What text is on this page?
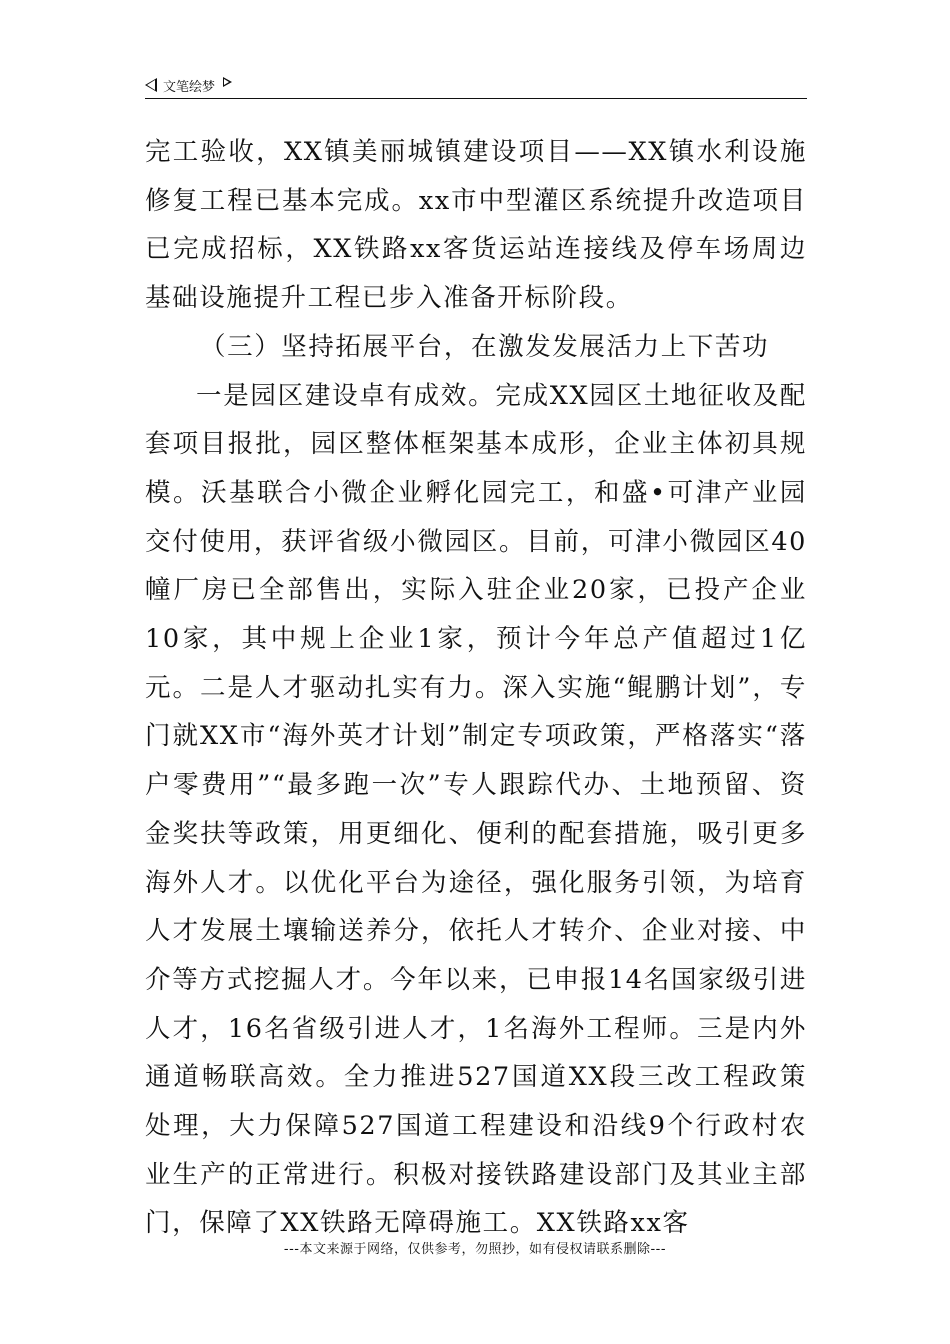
文笔绘梦

完工验收，XX镇美丽城镇建设项目——XX镇水利设施修复工程已基本完成。xx市中型灌区系统提升改造项目已完成招标，XX铁路xx客货运站连接线及停车场周边基础设施提升工程已步入准备开标阶段。

（三）坚持拓展平台，在激发发展活力上下苦功

一是园区建设卓有成效。完成XX园区土地征收及配套项目报批，园区整体框架基本成形，企业主体初具规模。沃基联合小微企业孵化园完工，和盛•可津产业园交付使用，获评省级小微园区。目前，可津小微园区40幢厂房已全部售出，实际入驻企业20家，已投产企业10家，其中规上企业1家，预计今年总产值超过1亿元。二是人才驱动扎实有力。深入实施“鲲鹏计划”，专门就XX市“海外英才计划”制定专项政策，严格落实“落户零费用”“最多跑一次”专人跟踪代办、土地预留、资金奖扶等政策，用更细化、便利的配套措施，吸引更多海外人才。以优化平台为途径，强化服务引领，为培育人才发展土壤输送养分，依托人才转介、企业对接、中介等方式挖掘人才。今年以来，已申报14名国家级引进人才，16名省级引进人才，1名海外工程师。三是内外通道畅联高效。全力推进527国道XX段三改工程政策处理，大力保障527国道工程建设和沿线9个行政村农业生产的正常进行。积极对接铁路建设部门及其业主部门，保障了XX铁路无障碍施工。XX铁路xx客

---本文来源于网络，仅供参考，勿照抄，如有侵权请联系删除---
